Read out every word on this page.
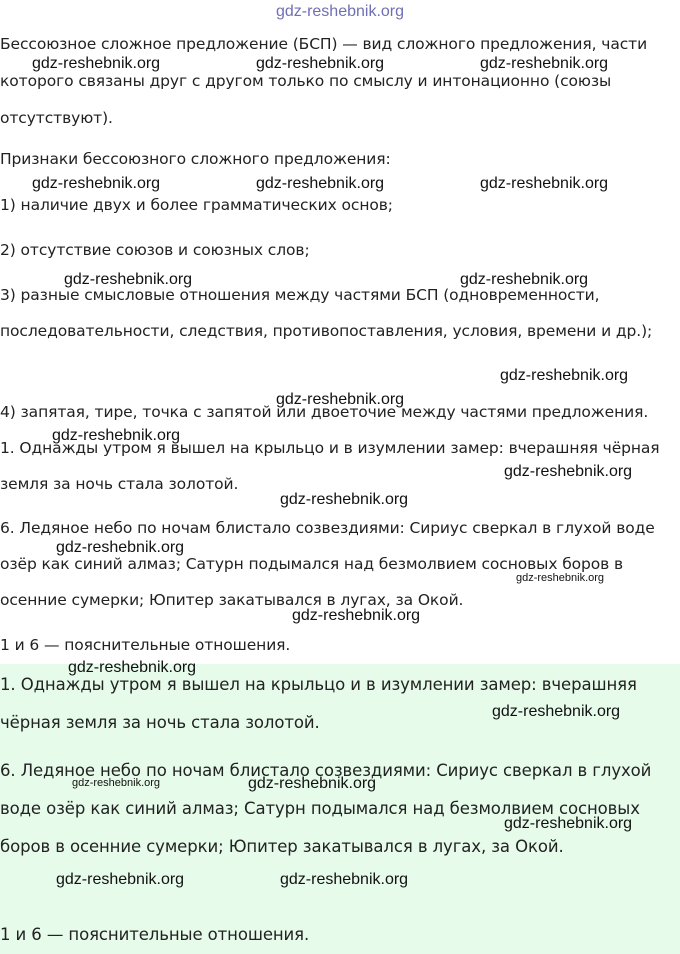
gdz-reshebnik.org

Бессоюзное сложное предложение (БСП) — вид сложного предложения, части которого связаны друг с другом только по смыслу и интонационно (союзы отсутствуют).

Признаки бессоюзного сложного предложения:

1) наличие двух и более грамматических основ;

2) отсутствие союзов и союзных слов;

3) разные смысловые отношения между частями БСП (одновременности, последовательности, следствия, противопоставления, условия, времени и др.);

4) запятая, тире, точка с запятой или двоеточие между частями предложения.

1. Однажды утром я вышел на крыльцо и в изумлении замер: вчерашняя чёрная земля за ночь стала золотой.

6. Ледяное небо по ночам блистало созвездиями: Сириус сверкал в глухой воде озёр как синий алмаз; Сатурн подымался над безмолвием сосновых боров в осенние сумерки; Юпитер закатывался в лугах, за Окой.

1 и 6 — пояснительные отношения.

1. Однажды утром я вышел на крыльцо и в изумлении замер: вчерашняя чёрная земля за ночь стала золотой.

6. Ледяное небо по ночам блистало созвездиями: Сириус сверкал в глухой воде озёр как синий алмаз; Сатурн подымался над безмолвием сосновых боров в осенние сумерки; Юпитер закатывался в лугах, за Окой.

1 и 6 — пояснительные отношения.

gdz-reshebnik.org	gdz-reshebnik.org	gdz-reshebnik.org
gdz-reshebnik.org	gdz-reshebnik.org	gdz-reshebnik.org
gdz-reshebnik.org	gdz-reshebnik.org
gdz-reshebnik.org
gdz-reshebnik.org
gdz-reshebnik.org
gdz-reshebnik.org
gdz-reshebnik.org
gdz-reshebnik.org
gdz-reshebnik.org
gdz-reshebnik.org
gdz-reshebnik.org
gdz-reshebnik.org
gdz-reshebnik.org	gdz-reshebnik.org
gdz-reshebnik.org
gdz-reshebnik.org	gdz-reshebnik.org
